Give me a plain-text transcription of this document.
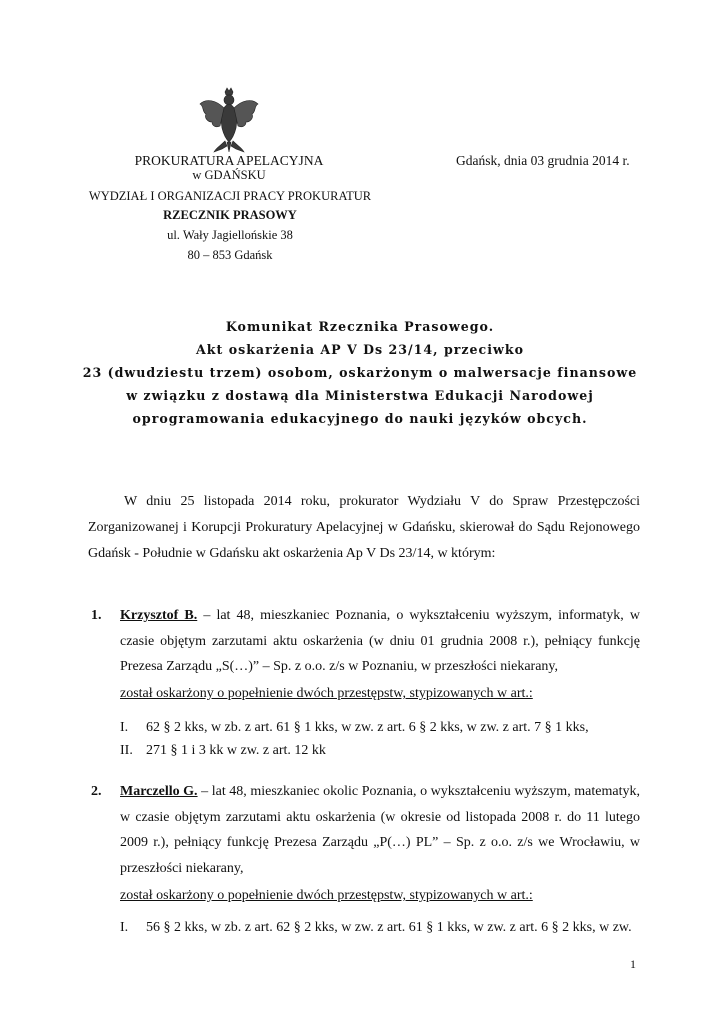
PROKURATURA APELACYJNA
w GDAŃSKU
WYDZIAŁ I ORGANIZACJI PRACY PROKURATUR
RZECZNIK PRASOWY
ul. Wały Jagiellońskie 38
80 – 853 Gdańsk
Gdańsk, dnia 03 grudnia 2014 r.
Komunikat Rzecznika Prasowego.
Akt oskarżenia AP V Ds 23/14, przeciwko
23 (dwudziestu trzem) osobom, oskarżonym o malwersacje finansowe
w związku z dostawą dla Ministerstwa Edukacji Narodowej
oprogramowania edukacyjnego do nauki języków obcych.
W dniu 25 listopada 2014 roku, prokurator Wydziału V do Spraw Przestępczości Zorganizowanej i Korupcji Prokuratury Apelacyjnej w Gdańsku, skierował do Sądu Rejonowego Gdańsk - Południe w Gdańsku akt oskarżenia Ap V Ds 23/14, w którym:
1. Krzysztof B. – lat 48, mieszkaniec Poznania, o wykształceniu wyższym, informatyk, w czasie objętym zarzutami aktu oskarżenia (w dniu 01 grudnia 2008 r.), pełniący funkcję Prezesa Zarządu „S(…)” – Sp. z o.o. z/s w Poznaniu, w przeszłości niekarany,
został oskarżony o popełnienie dwóch przestępstw, stypizowanych w art.:
I. 62 § 2 kks, w zb. z art. 61 § 1 kks, w zw. z art. 6 § 2 kks, w zw. z art. 7 § 1 kks,
II. 271 § 1 i 3 kk w zw. z art. 12 kk
2. Marczello G. – lat 48, mieszkaniec okolic Poznania, o wykształceniu wyższym, matematyk, w czasie objętym zarzutami aktu oskarżenia (w okresie od listopada 2008 r. do 11 lutego 2009 r.), pełniący funkcję Prezesa Zarządu „P(…) PL” – Sp. z o.o. z/s we Wrocławiu, w przeszłości niekarany,
został oskarżony o popełnienie dwóch przestępstw, stypizowanych w art.:
I. 56 § 2 kks, w zb. z art. 62 § 2 kks, w zw. z art. 61 § 1 kks, w zw. z art. 6 § 2 kks, w zw.
1
